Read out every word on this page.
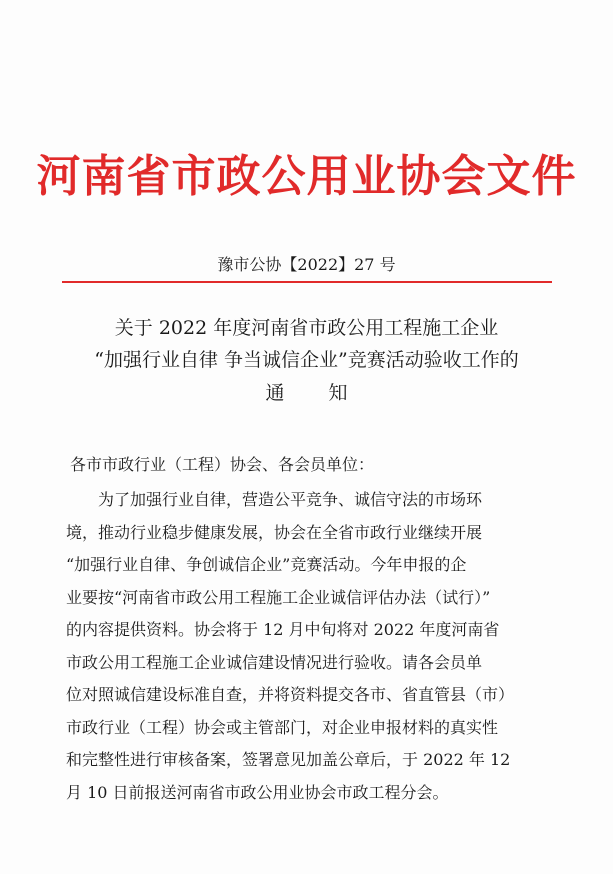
河南省市政公用业协会文件
豫市公协【2022】27 号
关于 2022 年度河南省市政公用工程施工企业
“加强行业自律 争当诚信企业”竞赛活动验收工作的
通知
各市市政行业（工程）协会、各会员单位：
为了加强行业自律，营造公平竞争、诚信守法的市场环
境，推动行业稳步健康发展，协会在全省市政行业继续开展
“加强行业自律、争创诚信企业”竞赛活动。今年申报的企
业要按“河南省市政公用工程施工企业诚信评估办法（试行）”
的内容提供资料。协会将于 12 月中旬将对 2022 年度河南省
市政公用工程施工企业诚信建设情况进行验收。请各会员单
位对照诚信建设标准自查，并将资料提交各市、省直管县（市）
市政行业（工程）协会或主管部门，对企业申报材料的真实性
和完整性进行审核备案，签署意见加盖公章后，于 2022 年 12
月 10 日前报送河南省市政公用业协会市政工程分会。
